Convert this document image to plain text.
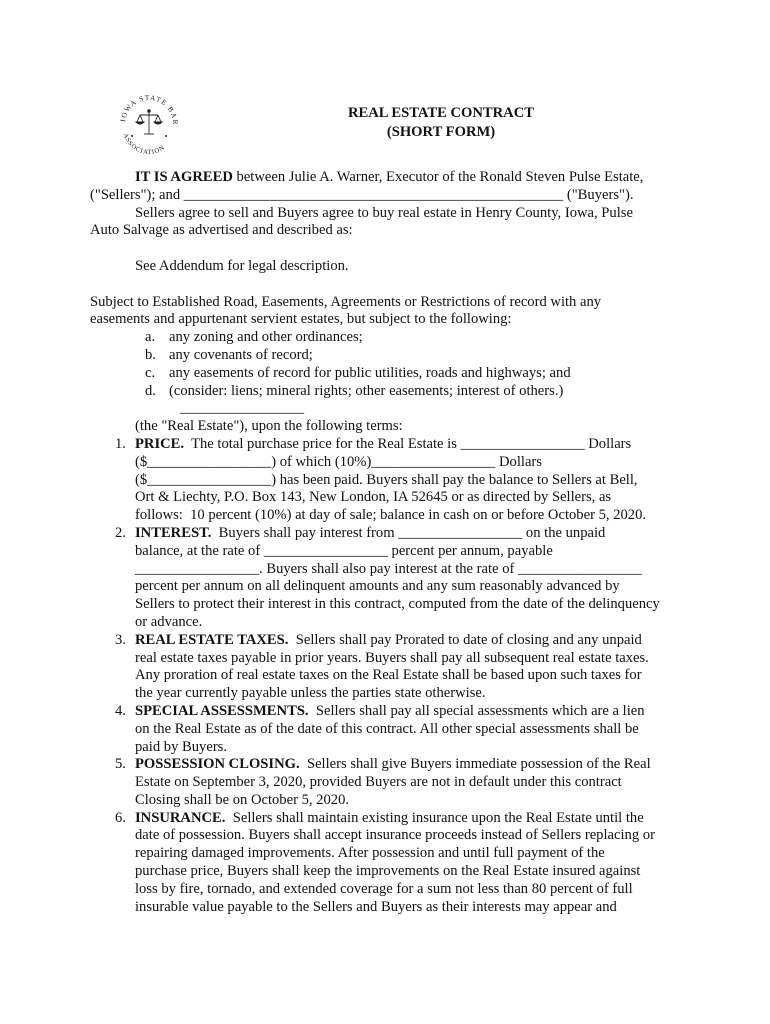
IOWA STATE BAR
ASSOCIATION
REAL ESTATE CONTRACT
(SHORT FORM)
IT IS AGREED between Julie A. Warner, Executor of the Ronald Steven Pulse Estate,
("Sellers"); and ____________________________________________________ ("Buyers").
Sellers agree to sell and Buyers agree to buy real estate in Henry County, Iowa, Pulse
Auto Salvage as advertised and described as:
See Addendum for legal description.
Subject to Established Road, Easements, Agreements or Restrictions of record with any
easements and appurtenant servient estates, but subject to the following:
a. any zoning and other ordinances;
b. any covenants of record;
c. any easements of record for public utilities, roads and highways; and
d. (consider: liens; mineral rights; other easements; interest of others.)
_________________
(the "Real Estate"), upon the following terms:
1. PRICE.  The total purchase price for the Real Estate is _________________ Dollars
($_________________) of which (10%)_________________ Dollars
($_________________) has been paid. Buyers shall pay the balance to Sellers at Bell,
Ort & Liechty, P.O. Box 143, New London, IA 52645 or as directed by Sellers, as
follows:  10 percent (10%) at day of sale; balance in cash on or before October 5, 2020.
2. INTEREST.  Buyers shall pay interest from _________________ on the unpaid
balance, at the rate of _________________ percent per annum, payable
_________________. Buyers shall also pay interest at the rate of _________________
percent per annum on all delinquent amounts and any sum reasonably advanced by
Sellers to protect their interest in this contract, computed from the date of the delinquency
or advance.
3. REAL ESTATE TAXES.  Sellers shall pay Prorated to date of closing and any unpaid
real estate taxes payable in prior years. Buyers shall pay all subsequent real estate taxes.
Any proration of real estate taxes on the Real Estate shall be based upon such taxes for
the year currently payable unless the parties state otherwise.
4. SPECIAL ASSESSMENTS.  Sellers shall pay all special assessments which are a lien
on the Real Estate as of the date of this contract. All other special assessments shall be
paid by Buyers.
5. POSSESSION CLOSING.  Sellers shall give Buyers immediate possession of the Real
Estate on September 3, 2020, provided Buyers are not in default under this contract
Closing shall be on October 5, 2020.
6. INSURANCE.  Sellers shall maintain existing insurance upon the Real Estate until the
date of possession. Buyers shall accept insurance proceeds instead of Sellers replacing or
repairing damaged improvements. After possession and until full payment of the
purchase price, Buyers shall keep the improvements on the Real Estate insured against
loss by fire, tornado, and extended coverage for a sum not less than 80 percent of full
insurable value payable to the Sellers and Buyers as their interests may appear and
